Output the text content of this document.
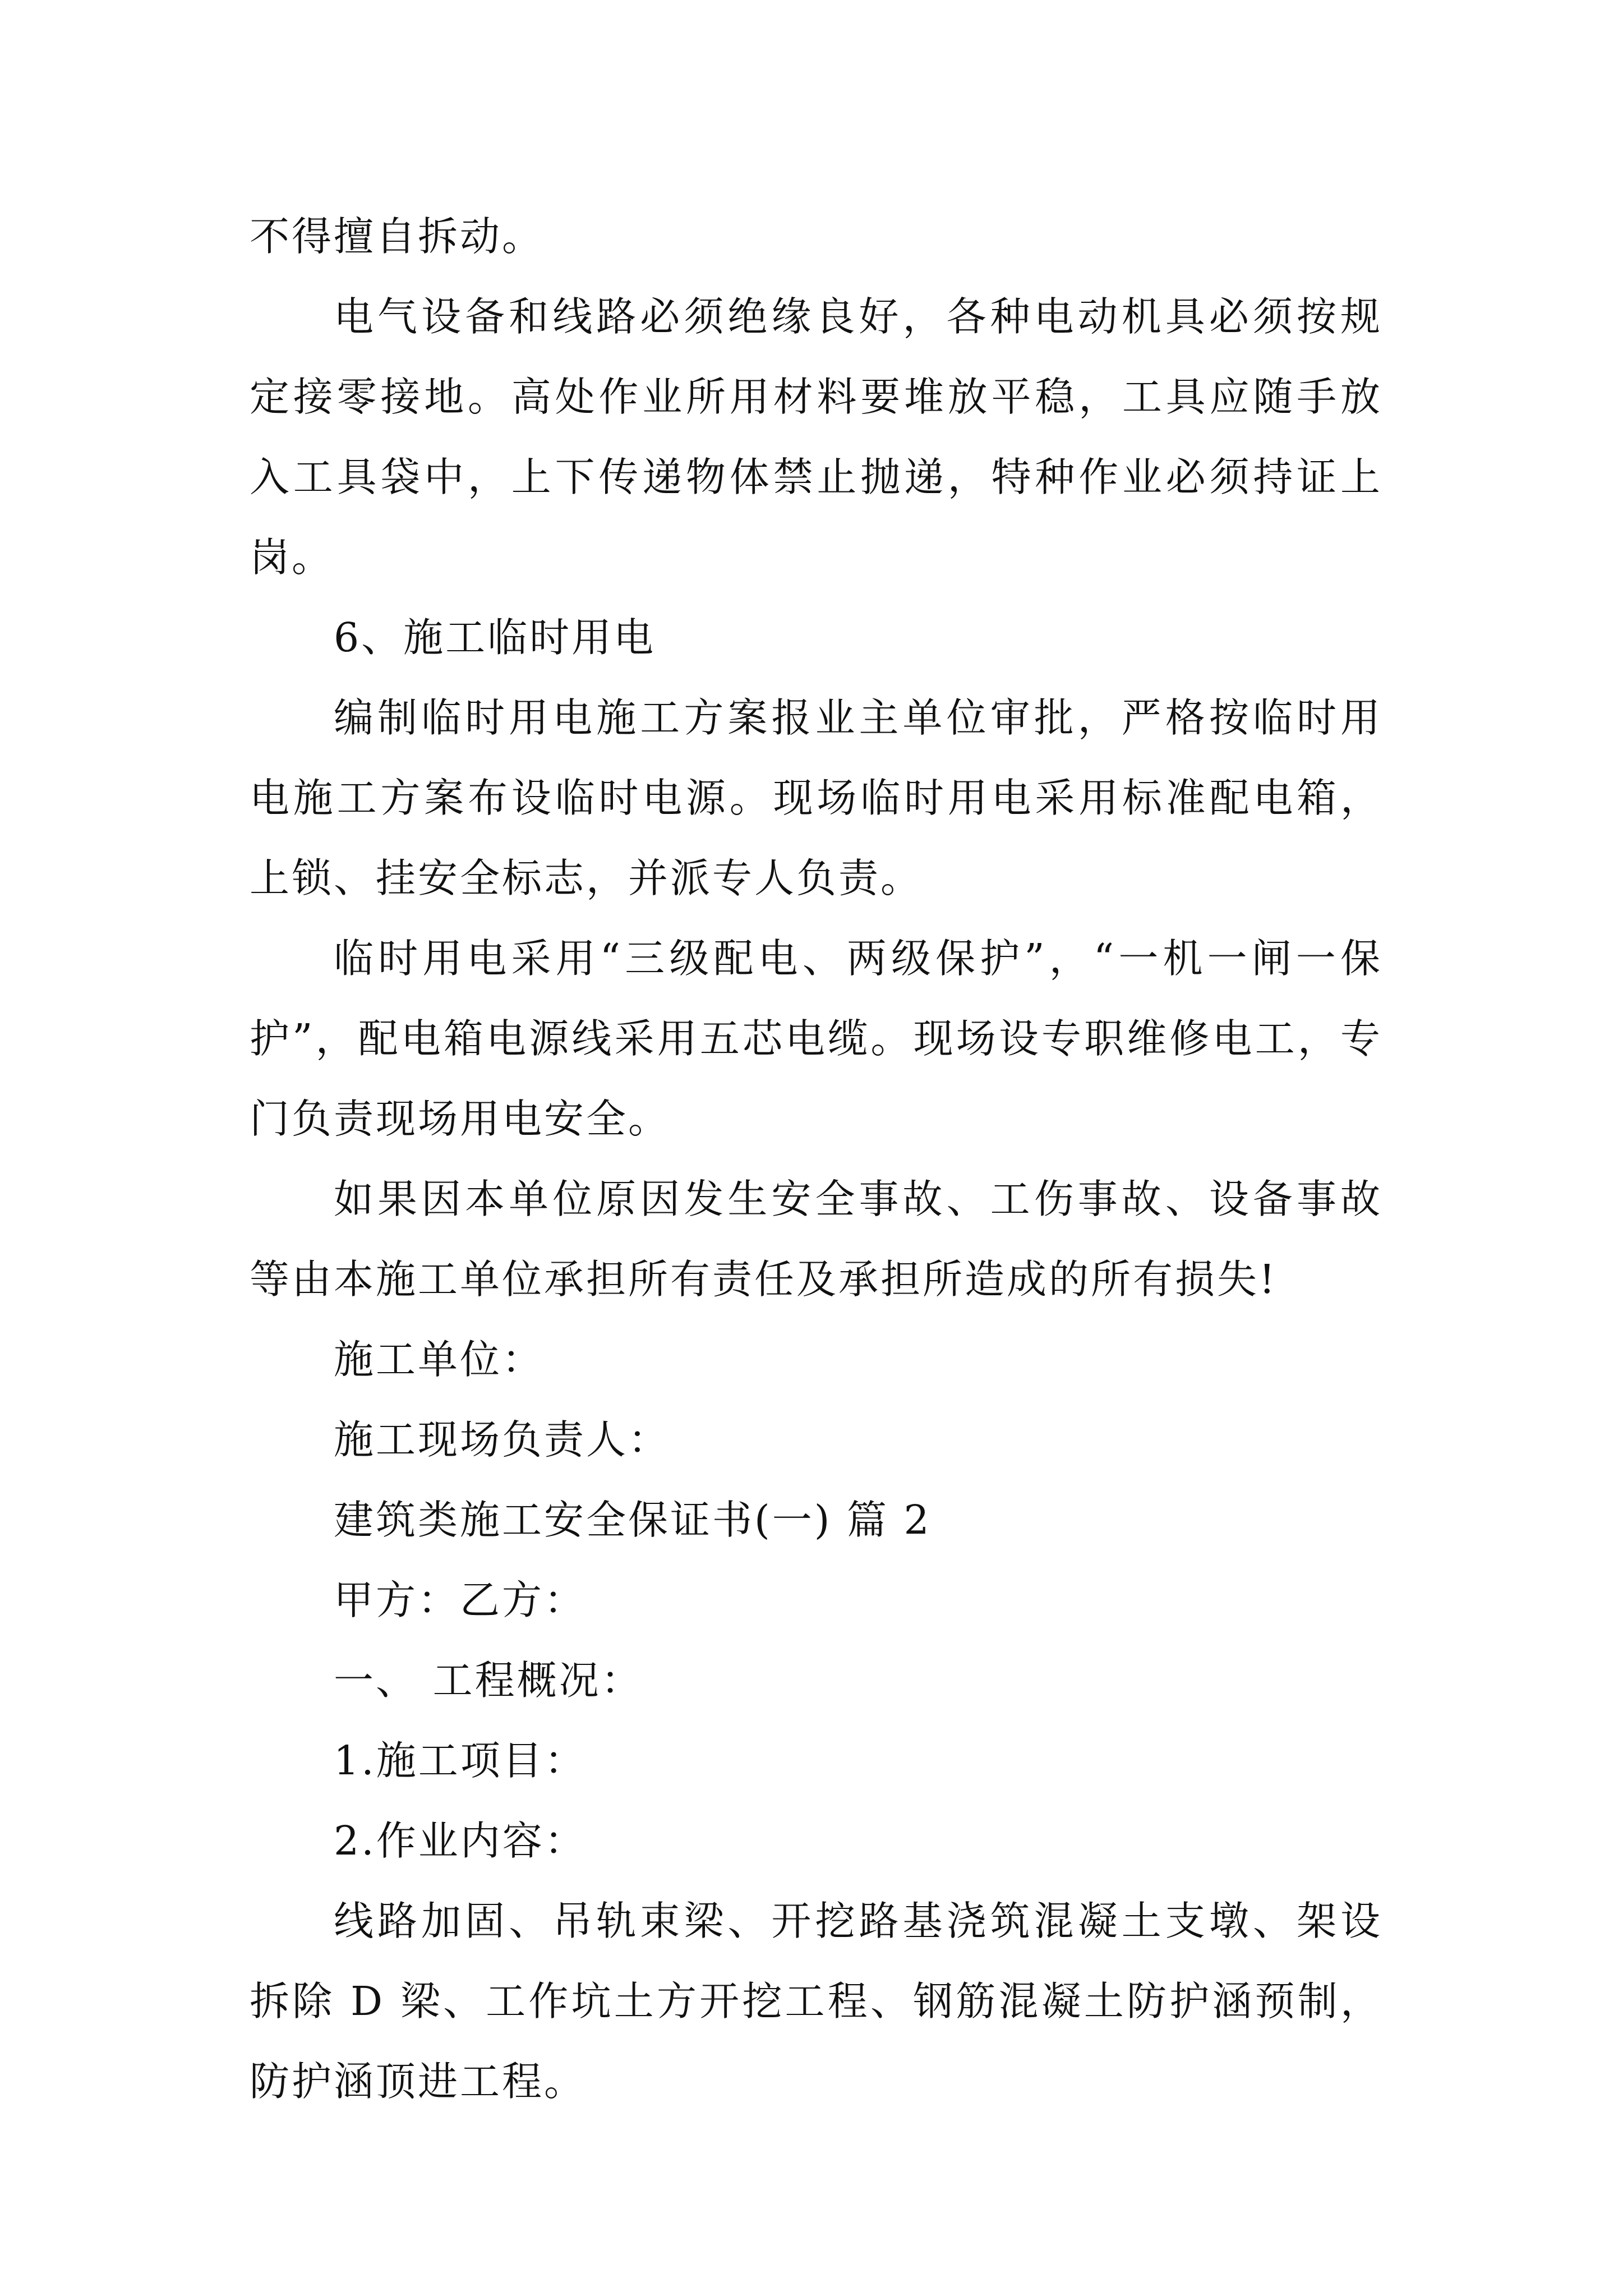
不得擅自拆动。

电气设备和线路必须绝缘良好，各种电动机具必须按规定接零接地。高处作业所用材料要堆放平稳，工具应随手放入工具袋中，上下传递物体禁止抛递，特种作业必须持证上岗。

6、施工临时用电

编制临时用电施工方案报业主单位审批，严格按临时用电施工方案布设临时电源。现场临时用电采用标准配电箱，上锁、挂安全标志，并派专人负责。

临时用电采用“三级配电、两级保护”，“一机一闸一保护”，配电箱电源线采用五芯电缆。现场设专职维修电工，专门负责现场用电安全。

如果因本单位原因发生安全事故、工伤事故、设备事故等由本施工单位承担所有责任及承担所造成的所有损失!

施工单位：

施工现场负责人：

建筑类施工安全保证书(一) 篇 2

甲方：乙方：

一、 工程概况：

1.施工项目：

2.作业内容：

线路加固、吊轨束梁、开挖路基浇筑混凝土支墩、架设拆除 D 梁、工作坑土方开挖工程、钢筋混凝土防护涵预制，防护涵顶进工程。
